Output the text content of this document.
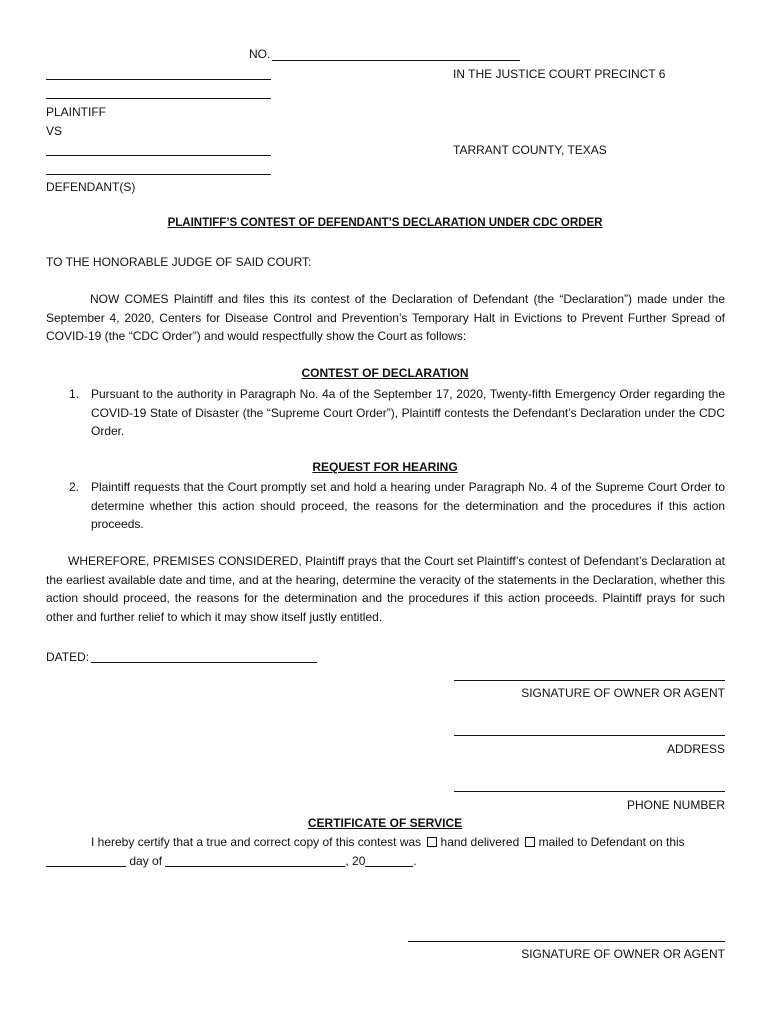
NO.
IN THE JUSTICE COURT PRECINCT 6
PLAINTIFF
VS
TARRANT COUNTY, TEXAS
DEFENDANT(S)
PLAINTIFF’S CONTEST OF DEFENDANT’S DECLARATION UNDER CDC ORDER
TO THE HONORABLE JUDGE OF SAID COURT:
NOW COMES Plaintiff and files this its contest of the Declaration of Defendant (the “Declaration”) made under the September 4, 2020, Centers for Disease Control and Prevention’s Temporary Halt in Evictions to Prevent Further Spread of COVID-19 (the “CDC Order”) and would respectfully show the Court as follows:
CONTEST OF DECLARATION
1. Pursuant to the authority in Paragraph No. 4a of the September 17, 2020, Twenty-fifth Emergency Order regarding the COVID-19 State of Disaster (the “Supreme Court Order”), Plaintiff contests the Defendant’s Declaration under the CDC Order.
REQUEST FOR HEARING
2. Plaintiff requests that the Court promptly set and hold a hearing under Paragraph No. 4 of the Supreme Court Order to determine whether this action should proceed, the reasons for the determination and the procedures if this action proceeds.
WHEREFORE, PREMISES CONSIDERED, Plaintiff prays that the Court set Plaintiff’s contest of Defendant’s Declaration at the earliest available date and time, and at the hearing, determine the veracity of the statements in the Declaration, whether this action should proceed, the reasons for the determination and the procedures if this action proceeds. Plaintiff prays for such other and further relief to which it may show itself justly entitled.
DATED:
SIGNATURE OF OWNER OR AGENT
ADDRESS
PHONE NUMBER
CERTIFICATE OF SERVICE
I hereby certify that a true and correct copy of this contest was hand delivered mailed to Defendant on this
day of	, 20	.
SIGNATURE OF OWNER OR AGENT
